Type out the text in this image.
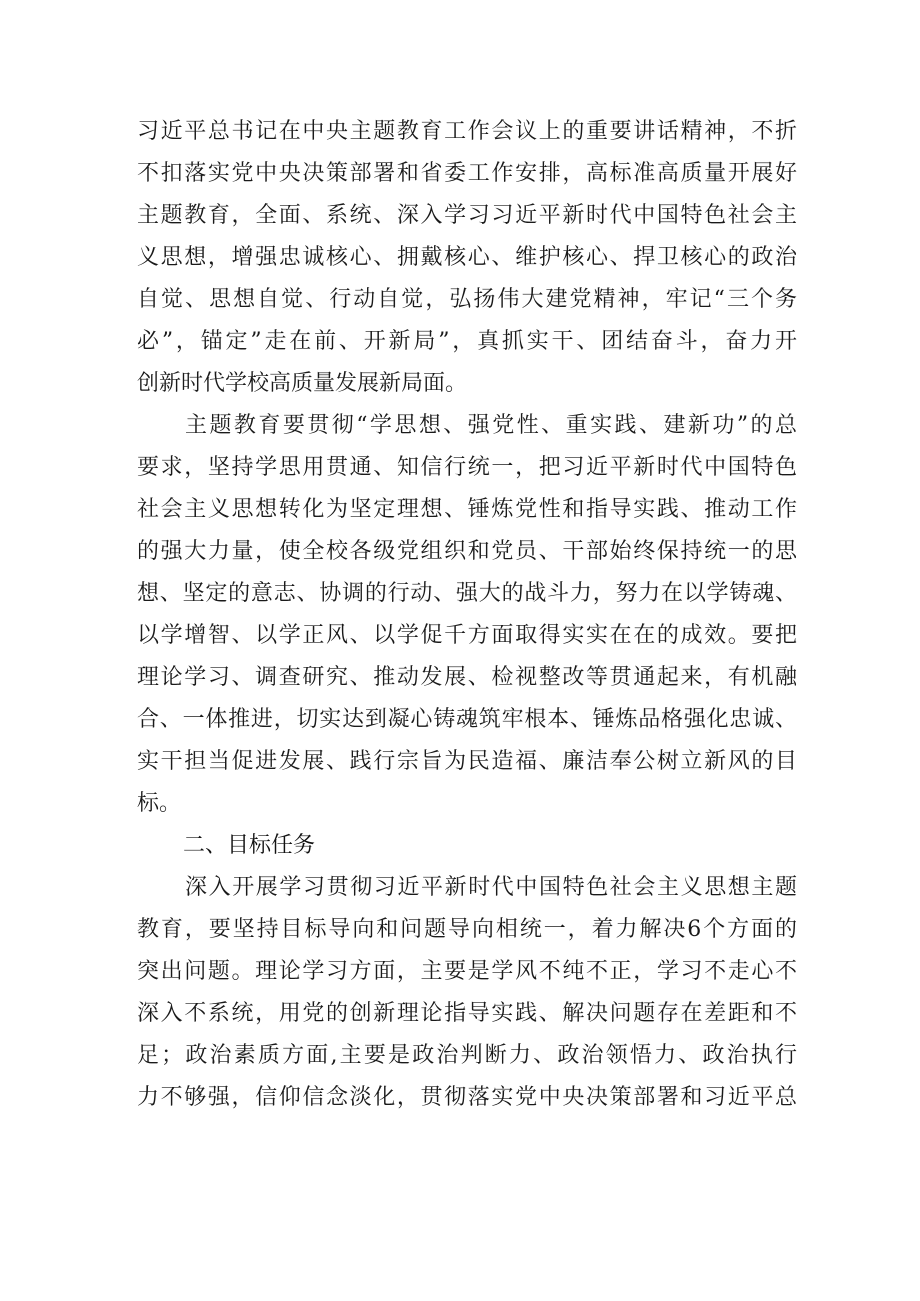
习近平总书记在中央主题教育工作会议上的重要讲话精神，不折
不扣落实党中央决策部署和省委工作安排，高标准高质量开展好
主题教育，全面、系统、深入学习习近平新时代中国特色社会主
义思想，增强忠诚核心、拥戴核心、维护核心、捍卫核心的政治
自觉、思想自觉、行动自觉，弘扬伟大建党精神，牢记“三个务
必”，锚定”走在前、开新局”，真抓实干、团结奋斗，奋力开
创新时代学校高质量发展新局面。
主题教育要贯彻“学思想、强党性、重实践、建新功”的总
要求，坚持学思用贯通、知信行统一，把习近平新时代中国特色
社会主义思想转化为坚定理想、锤炼党性和指导实践、推动工作
的强大力量，使全校各级党组织和党员、干部始终保持统一的思
想、坚定的意志、协调的行动、强大的战斗力，努力在以学铸魂、
以学增智、以学正风、以学促千方面取得实实在在的成效。要把
理论学习、调查研究、推动发展、检视整改等贯通起来，有机融
合、一体推进，切实达到凝心铸魂筑牢根本、锤炼品格强化忠诚、
实干担当促进发展、践行宗旨为民造福、廉洁奉公树立新风的目
标。
二、目标任务
深入开展学习贯彻习近平新时代中国特色社会主义思想主题
教育，要坚持目标导向和问题导向相统一，着力解决6个方面的
突出问题。理论学习方面，主要是学风不纯不正，学习不走心不
深入不系统，用党的创新理论指导实践、解决问题存在差距和不
足；政治素质方面,主要是政治判断力、政治领悟力、政治执行
力不够强，信仰信念淡化，贯彻落实党中央决策部署和习近平总
